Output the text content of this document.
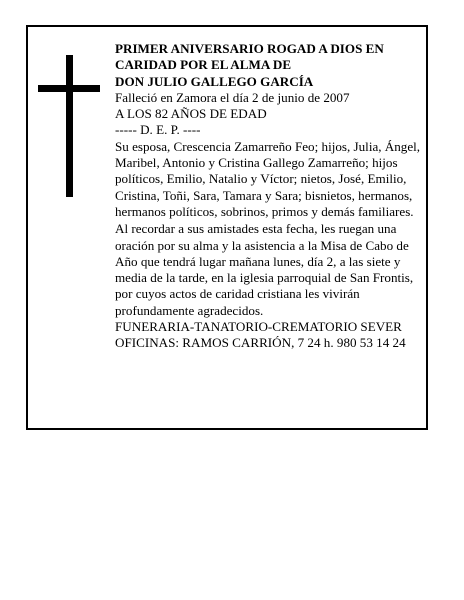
PRIMER ANIVERSARIO ROGAD A DIOS EN
CARIDAD POR EL ALMA DE
DON JULIO GALLEGO GARCÍA

Falleció en Zamora el día 2 de junio de 2007

A LOS 82 AÑOS DE EDAD

----- D. E. P. ----

Su esposa, Crescencia Zamarreño Feo; hijos, Julia, Ángel, Maribel, Antonio y Cristina Gallego Zamarreño; hijos políticos, Emilio, Natalio y Víctor; nietos, José, Emilio, Cristina, Toñi, Sara, Tamara y Sara; bisnietos, hermanos, hermanos políticos, sobrinos, primos y demás familiares.

Al recordar a sus amistades esta fecha, les ruegan una oración por su alma y la asistencia a la Misa de Cabo de Año que tendrá lugar mañana lunes, día 2, a las siete y media de la tarde, en la iglesia parroquial de San Frontis, por cuyos actos de caridad cristiana les vivirán profundamente agradecidos.

FUNERARIA-TANATORIO-CREMATORIO SEVER

OFICINAS: RAMOS CARRIÓN, 7 24 h. 980 53 14 24
